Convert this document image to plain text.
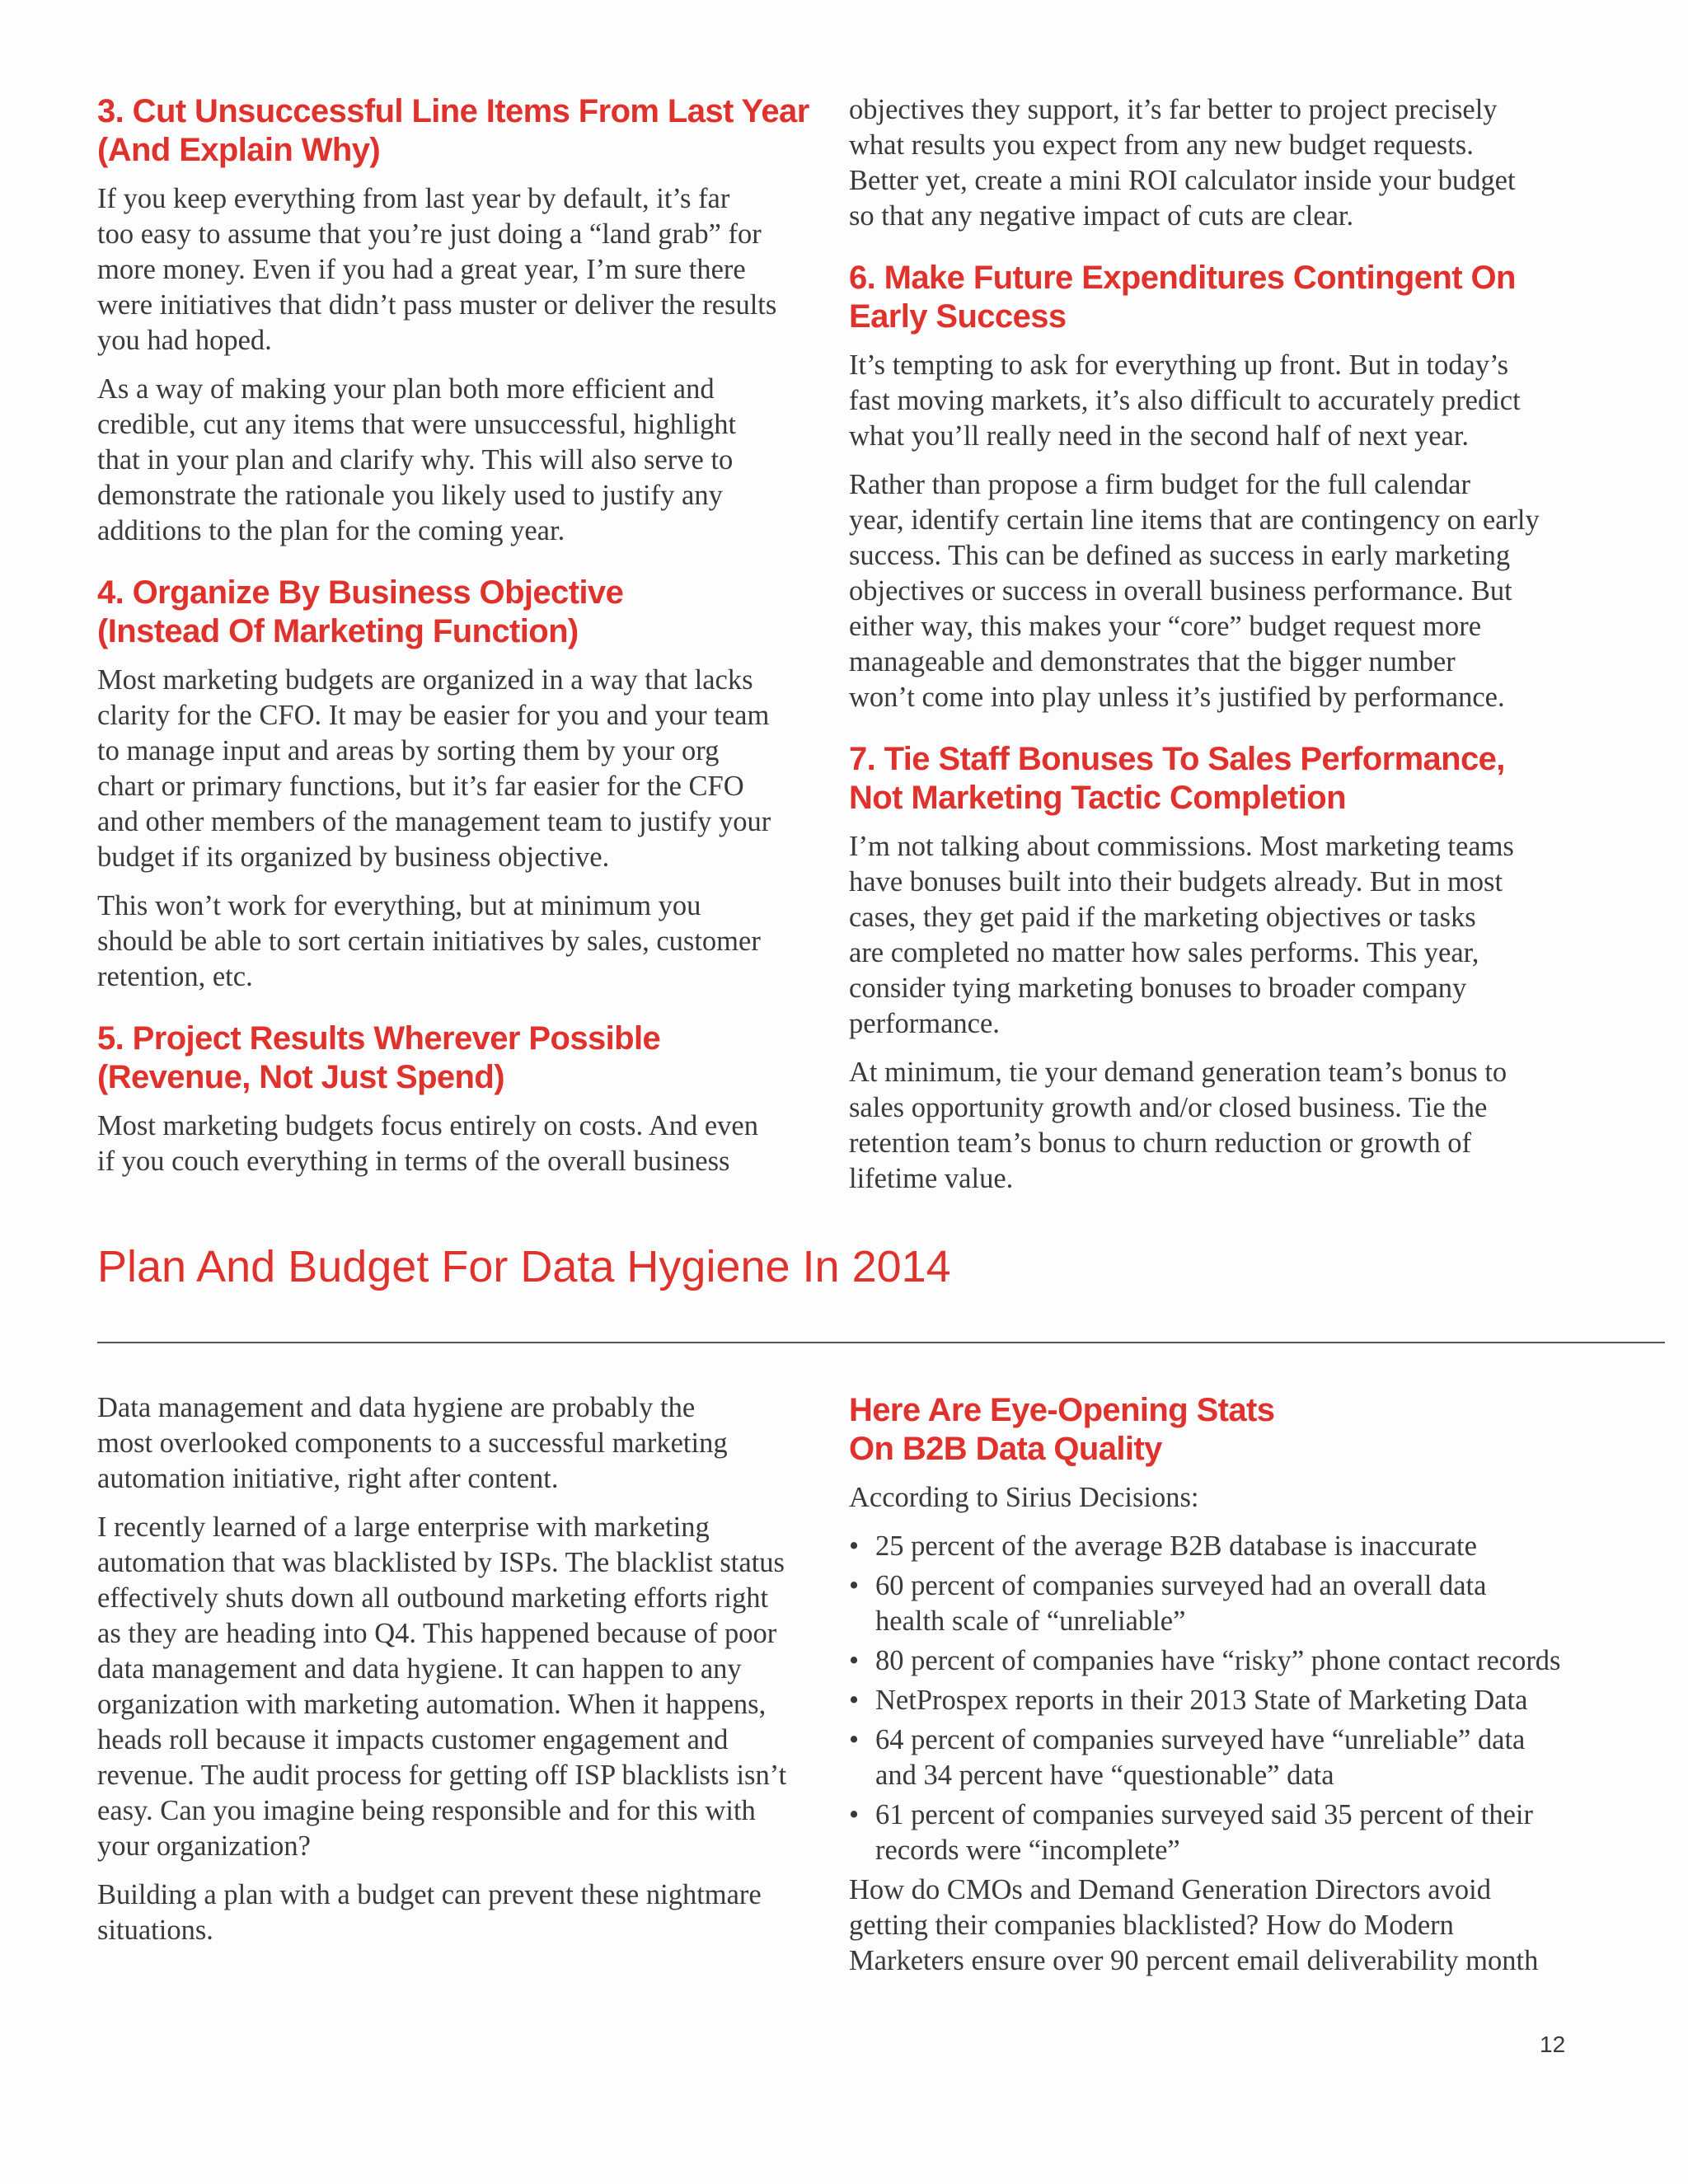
3. Cut Unsuccessful Line Items From Last Year
(And Explain Why)

If you keep everything from last year by default, it’s far
too easy to assume that you’re just doing a “land grab” for
more money. Even if you had a great year, I’m sure there
were initiatives that didn’t pass muster or deliver the results
you had hoped.

As a way of making your plan both more efficient and
credible, cut any items that were unsuccessful, highlight
that in your plan and clarify why. This will also serve to
demonstrate the rationale you likely used to justify any
additions to the plan for the coming year.

4. Organize By Business Objective
(Instead Of Marketing Function)

Most marketing budgets are organized in a way that lacks
clarity for the CFO. It may be easier for you and your team
to manage input and areas by sorting them by your org
chart or primary functions, but it’s far easier for the CFO
and other members of the management team to justify your
budget if its organized by business objective.

This won’t work for everything, but at minimum you
should be able to sort certain initiatives by sales, customer
retention, etc.

5. Project Results Wherever Possible
(Revenue, Not Just Spend)

Most marketing budgets focus entirely on costs. And even
if you couch everything in terms of the overall business

objectives they support, it’s far better to project precisely
what results you expect from any new budget requests.
Better yet, create a mini ROI calculator inside your budget
so that any negative impact of cuts are clear.

6. Make Future Expenditures Contingent On
Early Success

It’s tempting to ask for everything up front. But in today’s
fast moving markets, it’s also difficult to accurately predict
what you’ll really need in the second half of next year.

Rather than propose a firm budget for the full calendar
year, identify certain line items that are contingency on early
success. This can be defined as success in early marketing
objectives or success in overall business performance. But
either way, this makes your “core” budget request more
manageable and demonstrates that the bigger number
won’t come into play unless it’s justified by performance.

7. Tie Staff Bonuses To Sales Performance,
Not Marketing Tactic Completion

I’m not talking about commissions. Most marketing teams
have bonuses built into their budgets already. But in most
cases, they get paid if the marketing objectives or tasks
are completed no matter how sales performs. This year,
consider tying marketing bonuses to broader company
performance.

At minimum, tie your demand generation team’s bonus to
sales opportunity growth and/or closed business. Tie the
retention team’s bonus to churn reduction or growth of
lifetime value.

Plan And Budget For Data Hygiene In 2014

Data management and data hygiene are probably the
most overlooked components to a successful marketing
automation initiative, right after content.

I recently learned of a large enterprise with marketing
automation that was blacklisted by ISPs. The blacklist status
effectively shuts down all outbound marketing efforts right
as they are heading into Q4. This happened because of poor
data management and data hygiene. It can happen to any
organization with marketing automation. When it happens,
heads roll because it impacts customer engagement and
revenue. The audit process for getting off ISP blacklists isn’t
easy. Can you imagine being responsible and for this with
your organization?

Building a plan with a budget can prevent these nightmare
situations.

Here Are Eye-Opening Stats
On B2B Data Quality

According to Sirius Decisions:

• 25 percent of the average B2B database is inaccurate
• 60 percent of companies surveyed had an overall data
health scale of “unreliable”
• 80 percent of companies have “risky” phone contact records
• NetProspex reports in their 2013 State of Marketing Data
• 64 percent of companies surveyed have “unreliable” data
and 34 percent have “questionable” data
• 61 percent of companies surveyed said 35 percent of their
records were “incomplete”

How do CMOs and Demand Generation Directors avoid
getting their companies blacklisted? How do Modern
Marketers ensure over 90 percent email deliverability month

12
